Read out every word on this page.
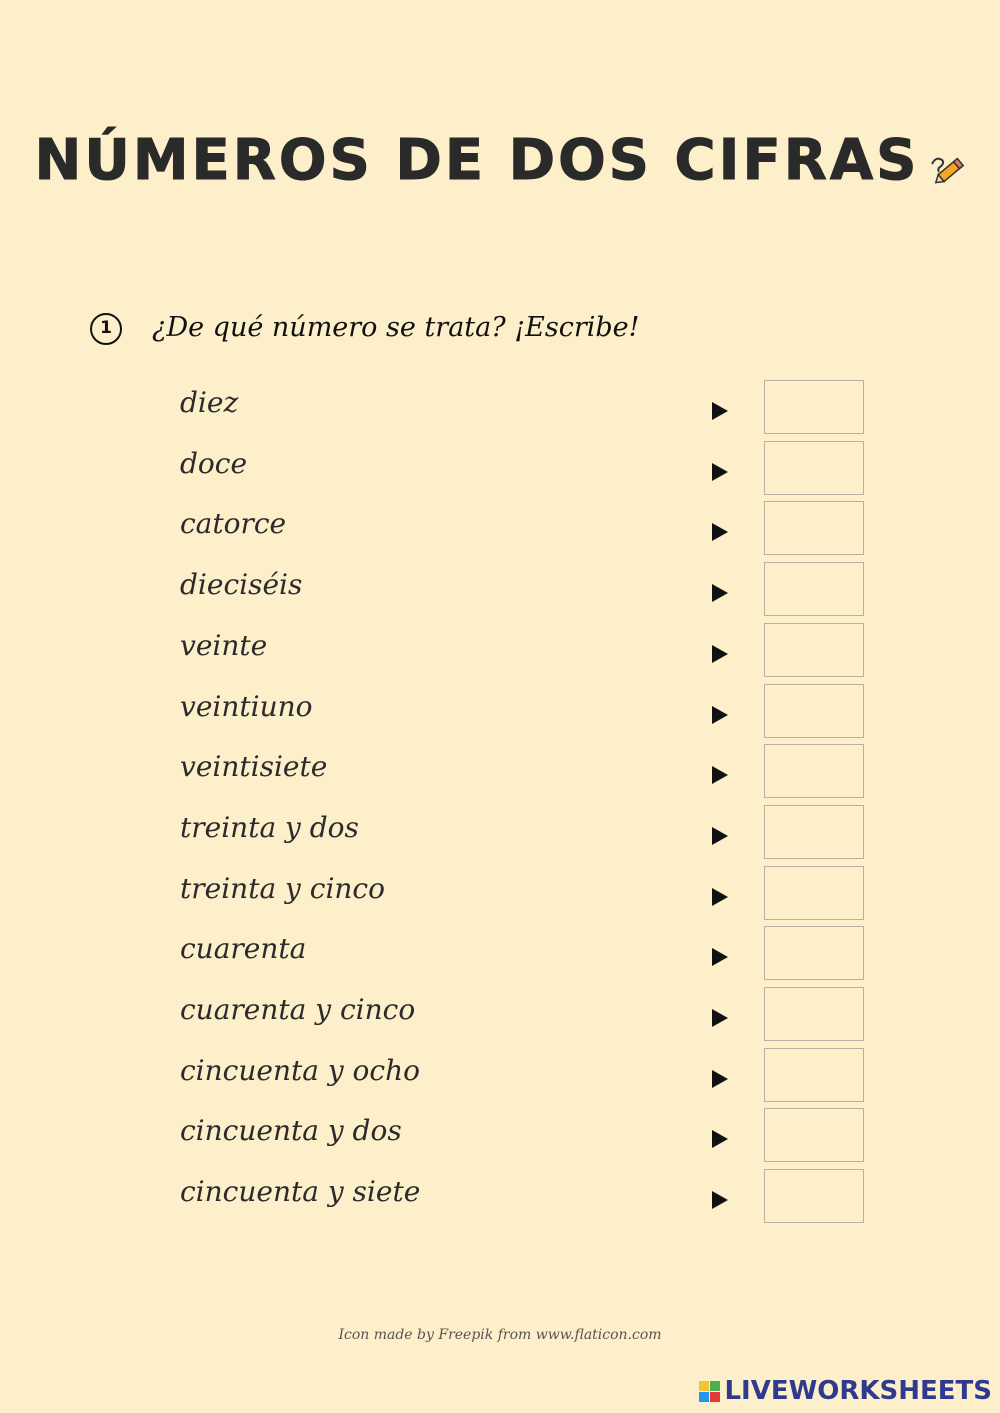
NÚMEROS DE DOS CIFRAS
1 ¿De qué número se trata? ¡Escribe!
diez
doce
catorce
dieciséis
veinte
veintiuno
veintisiete
treinta y dos
treinta y cinco
cuarenta
cuarenta y cinco
cincuenta y ocho
cincuenta y dos
cincuenta y siete
Icon made by Freepik from www.flaticon.com
LIVEWORKSHEETS
